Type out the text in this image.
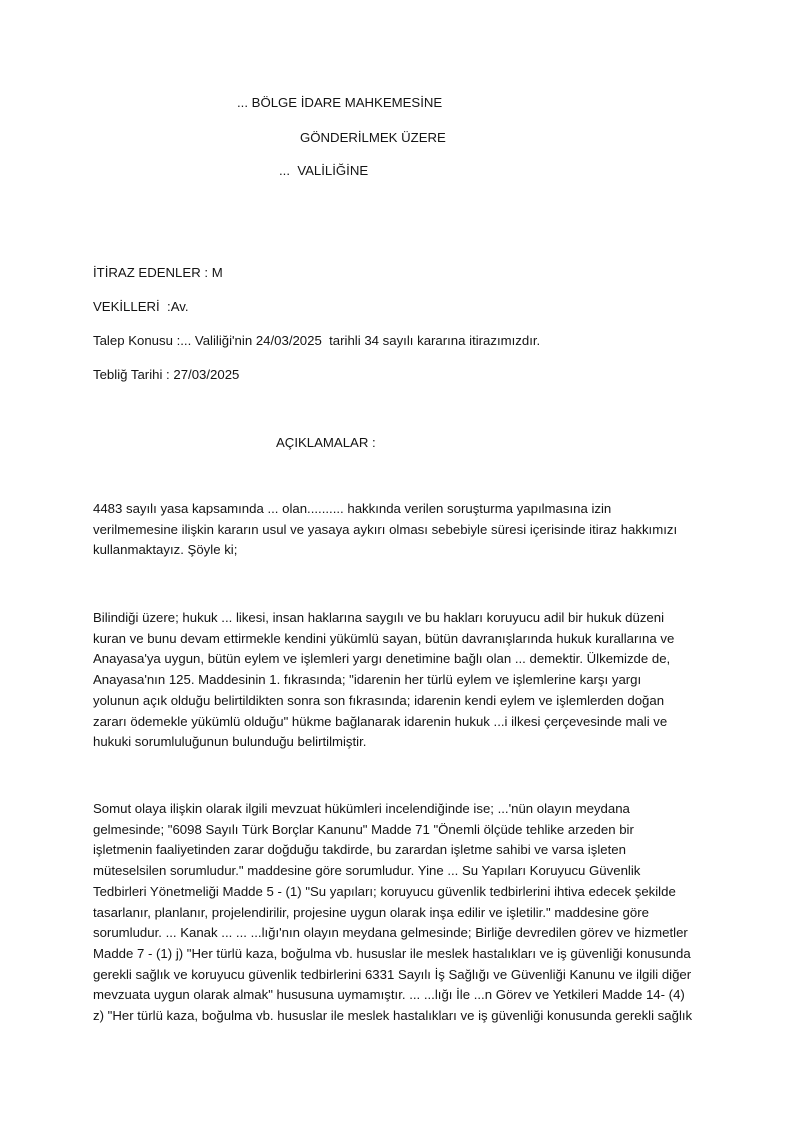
... BÖLGE İDARE MAHKEMESİNE
GÖNDERİLMEK ÜZERE
...  VALİLİĞİNE
İTİRAZ EDENLER : M
VEKİLLERİ  :Av.
Talep Konusu :... Valiliği'nin 24/03/2025  tarihli 34 sayılı kararına itirazımızdır.
Tebliğ Tarihi : 27/03/2025
AÇIKLAMALAR :
4483 sayılı yasa kapsamında ... olan.......... hakkında verilen soruşturma yapılmasına izin
verilmemesine ilişkin kararın usul ve yasaya aykırı olması sebebiyle süresi içerisinde itiraz hakkımızı
kullanmaktayız. Şöyle ki;
Bilindiği üzere; hukuk ... likesi, insan haklarına saygılı ve bu hakları koruyucu adil bir hukuk düzeni
kuran ve bunu devam ettirmekle kendini yükümlü sayan, bütün davranışlarında hukuk kurallarına ve
Anayasa'ya uygun, bütün eylem ve işlemleri yargı denetimine bağlı olan ... demektir. Ülkemizde de,
Anayasa'nın 125. Maddesinin 1. fıkrasında; "idarenin her türlü eylem ve işlemlerine karşı yargı
yolunun açık olduğu belirtildikten sonra son fıkrasında; idarenin kendi eylem ve işlemlerden doğan
zararı ödemekle yükümlü olduğu" hükme bağlanarak idarenin hukuk ...i ilkesi çerçevesinde mali ve
hukuki sorumluluğunun bulunduğu belirtilmiştir.
Somut olaya ilişkin olarak ilgili mevzuat hükümleri incelendiğinde ise; ...'nün olayın meydana
gelmesinde; "6098 Sayılı Türk Borçlar Kanunu" Madde 71 "Önemli ölçüde tehlike arzeden bir
işletmenin faaliyetinden zarar doğduğu takdirde, bu zarardan işletme sahibi ve varsa işleten
müteselsilen sorumludur." maddesine göre sorumludur. Yine ... Su Yapıları Koruyucu Güvenlik
Tedbirleri Yönetmeliği Madde 5 - (1) "Su yapıları; koruyucu güvenlik tedbirlerini ihtiva edecek şekilde
tasarlanır, planlanır, projelendirilir, projesine uygun olarak inşa edilir ve işletilir." maddesine göre
sorumludur. ... Kanak ... ... ...lığı'nın olayın meydana gelmesinde; Birliğe devredilen görev ve hizmetler
Madde 7 - (1) j) "Her türlü kaza, boğulma vb. hususlar ile meslek hastalıkları ve iş güvenliği konusunda
gerekli sağlık ve koruyucu güvenlik tedbirlerini 6331 Sayılı İş Sağlığı ve Güvenliği Kanunu ve ilgili diğer
mevzuata uygun olarak almak" hususuna uymamıştır. ... ...lığı İle ...n Görev ve Yetkileri Madde 14- (4)
z) "Her türlü kaza, boğulma vb. hususlar ile meslek hastalıkları ve iş güvenliği konusunda gerekli sağlık
